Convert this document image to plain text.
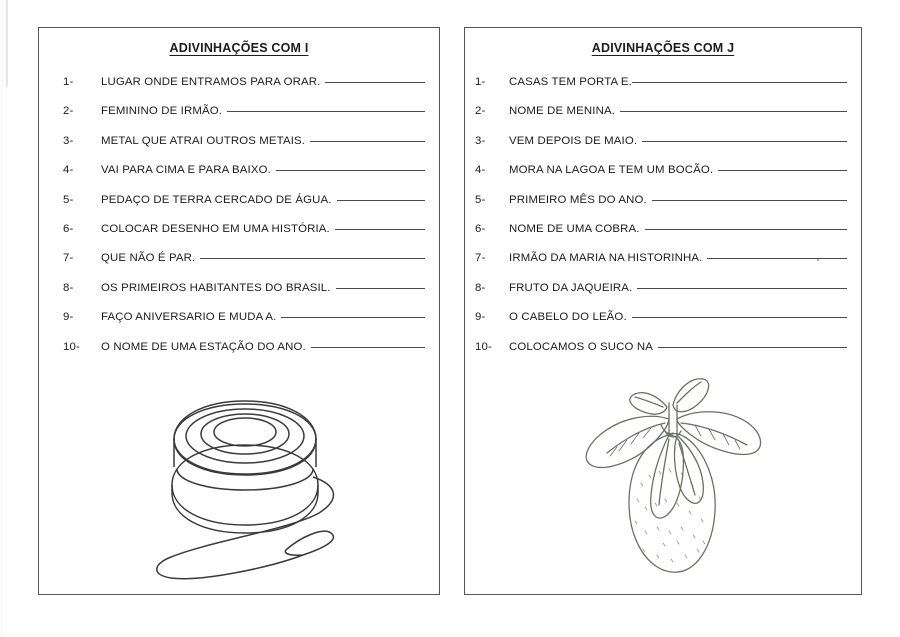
ADIVINHAÇÕES COM I
1-	LUGAR ONDE ENTRAMOS PARA ORAR.
2-	FEMININO DE IRMÃO.
3-	METAL QUE ATRAI OUTROS METAIS.
4-	VAI PARA CIMA E PARA BAIXO.
5-	PEDAÇO DE TERRA CERCADO DE ÁGUA.
6-	COLOCAR DESENHO EM UMA HISTÓRIA.
7-	QUE NÃO É PAR.
8-	OS PRIMEIROS HABITANTES DO BRASIL.
9-	FAÇO ANIVERSARIO E MUDA A.
10-	O NOME DE UMA ESTAÇÃO DO ANO.
ADIVINHAÇÕES COM J
1-	CASAS TEM PORTA E.
2-	NOME DE MENINA.
3-	VEM DEPOIS DE MAIO.
4-	MORA NA LAGOA E TEM UM BOCÃO.
5-	PRIMEIRO MÊS DO ANO.
6-	NOME DE UMA COBRA.
7-	IRMÃO DA MARIA NA HISTORINHA.
8-	FRUTO DA JAQUEIRA.
9-	O CABELO DO LEÃO.
10-	COLOCAMOS O SUCO NA
